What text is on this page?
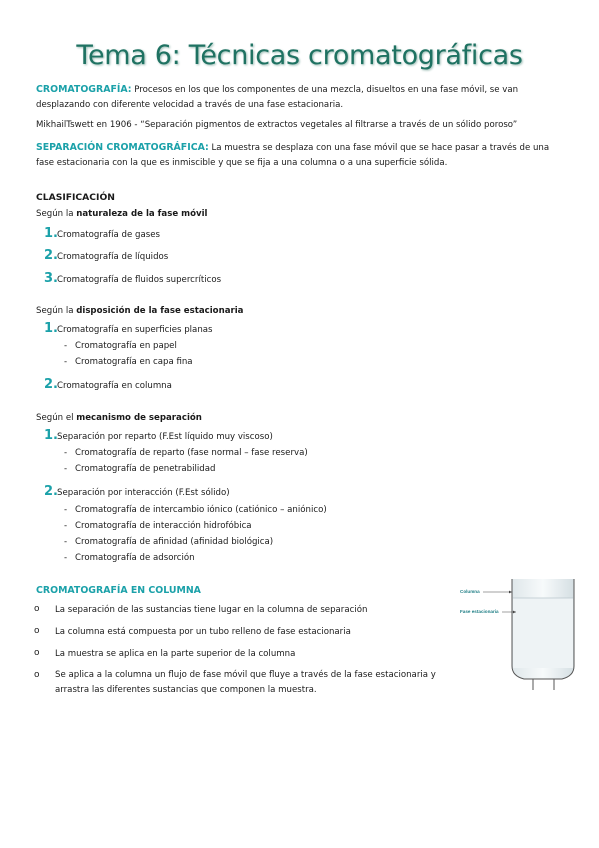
Tema 6: Técnicas cromatográficas
CROMATOGRAFÍA: Procesos en los que los componentes de una mezcla, disueltos en una fase móvil, se van desplazando con diferente velocidad a través de una fase estacionaria.
MikhailTswett en 1906 - “Separación pigmentos de extractos vegetales al filtrarse a través de un sólido poroso”
SEPARACIÓN CROMATOGRÁFICA: La muestra se desplaza con una fase móvil que se hace pasar a través de una fase estacionaria con la que es inmiscible y que se fija a una columna o a una superficie sólida.
CLASIFICACIÓN
Según la naturaleza de la fase móvil
1. Cromatografía de gases
2. Cromatografía de líquidos
3. Cromatografía de fluidos supercríticos
Según la disposición de la fase estacionaria
1. Cromatografía en superficies planas
- Cromatografía en papel
- Cromatografía en capa fina
2. Cromatografía en columna
Según el mecanismo de separación
1. Separación por reparto (F.Est líquido muy viscoso)
- Cromatografía de reparto (fase normal – fase reserva)
- Cromatografía de penetrabilidad
2. Separación por interacción (F.Est sólido)
- Cromatografía de intercambio iónico (catiónico – aniónico)
- Cromatografía de interacción hidrofóbica
- Cromatografía de afinidad (afinidad biológica)
- Cromatografía de adsorción
CROMATOGRAFÍA EN COLUMNA
o La separación de las sustancias tiene lugar en la columna de separación
o La columna está compuesta por un tubo relleno de fase estacionaria
o La muestra se aplica en la parte superior de la columna
o Se aplica a la columna un flujo de fase móvil que fluye a través de la fase estacionaria y arrastra las diferentes sustancias que componen la muestra.
Columna
Fase estacionaria
